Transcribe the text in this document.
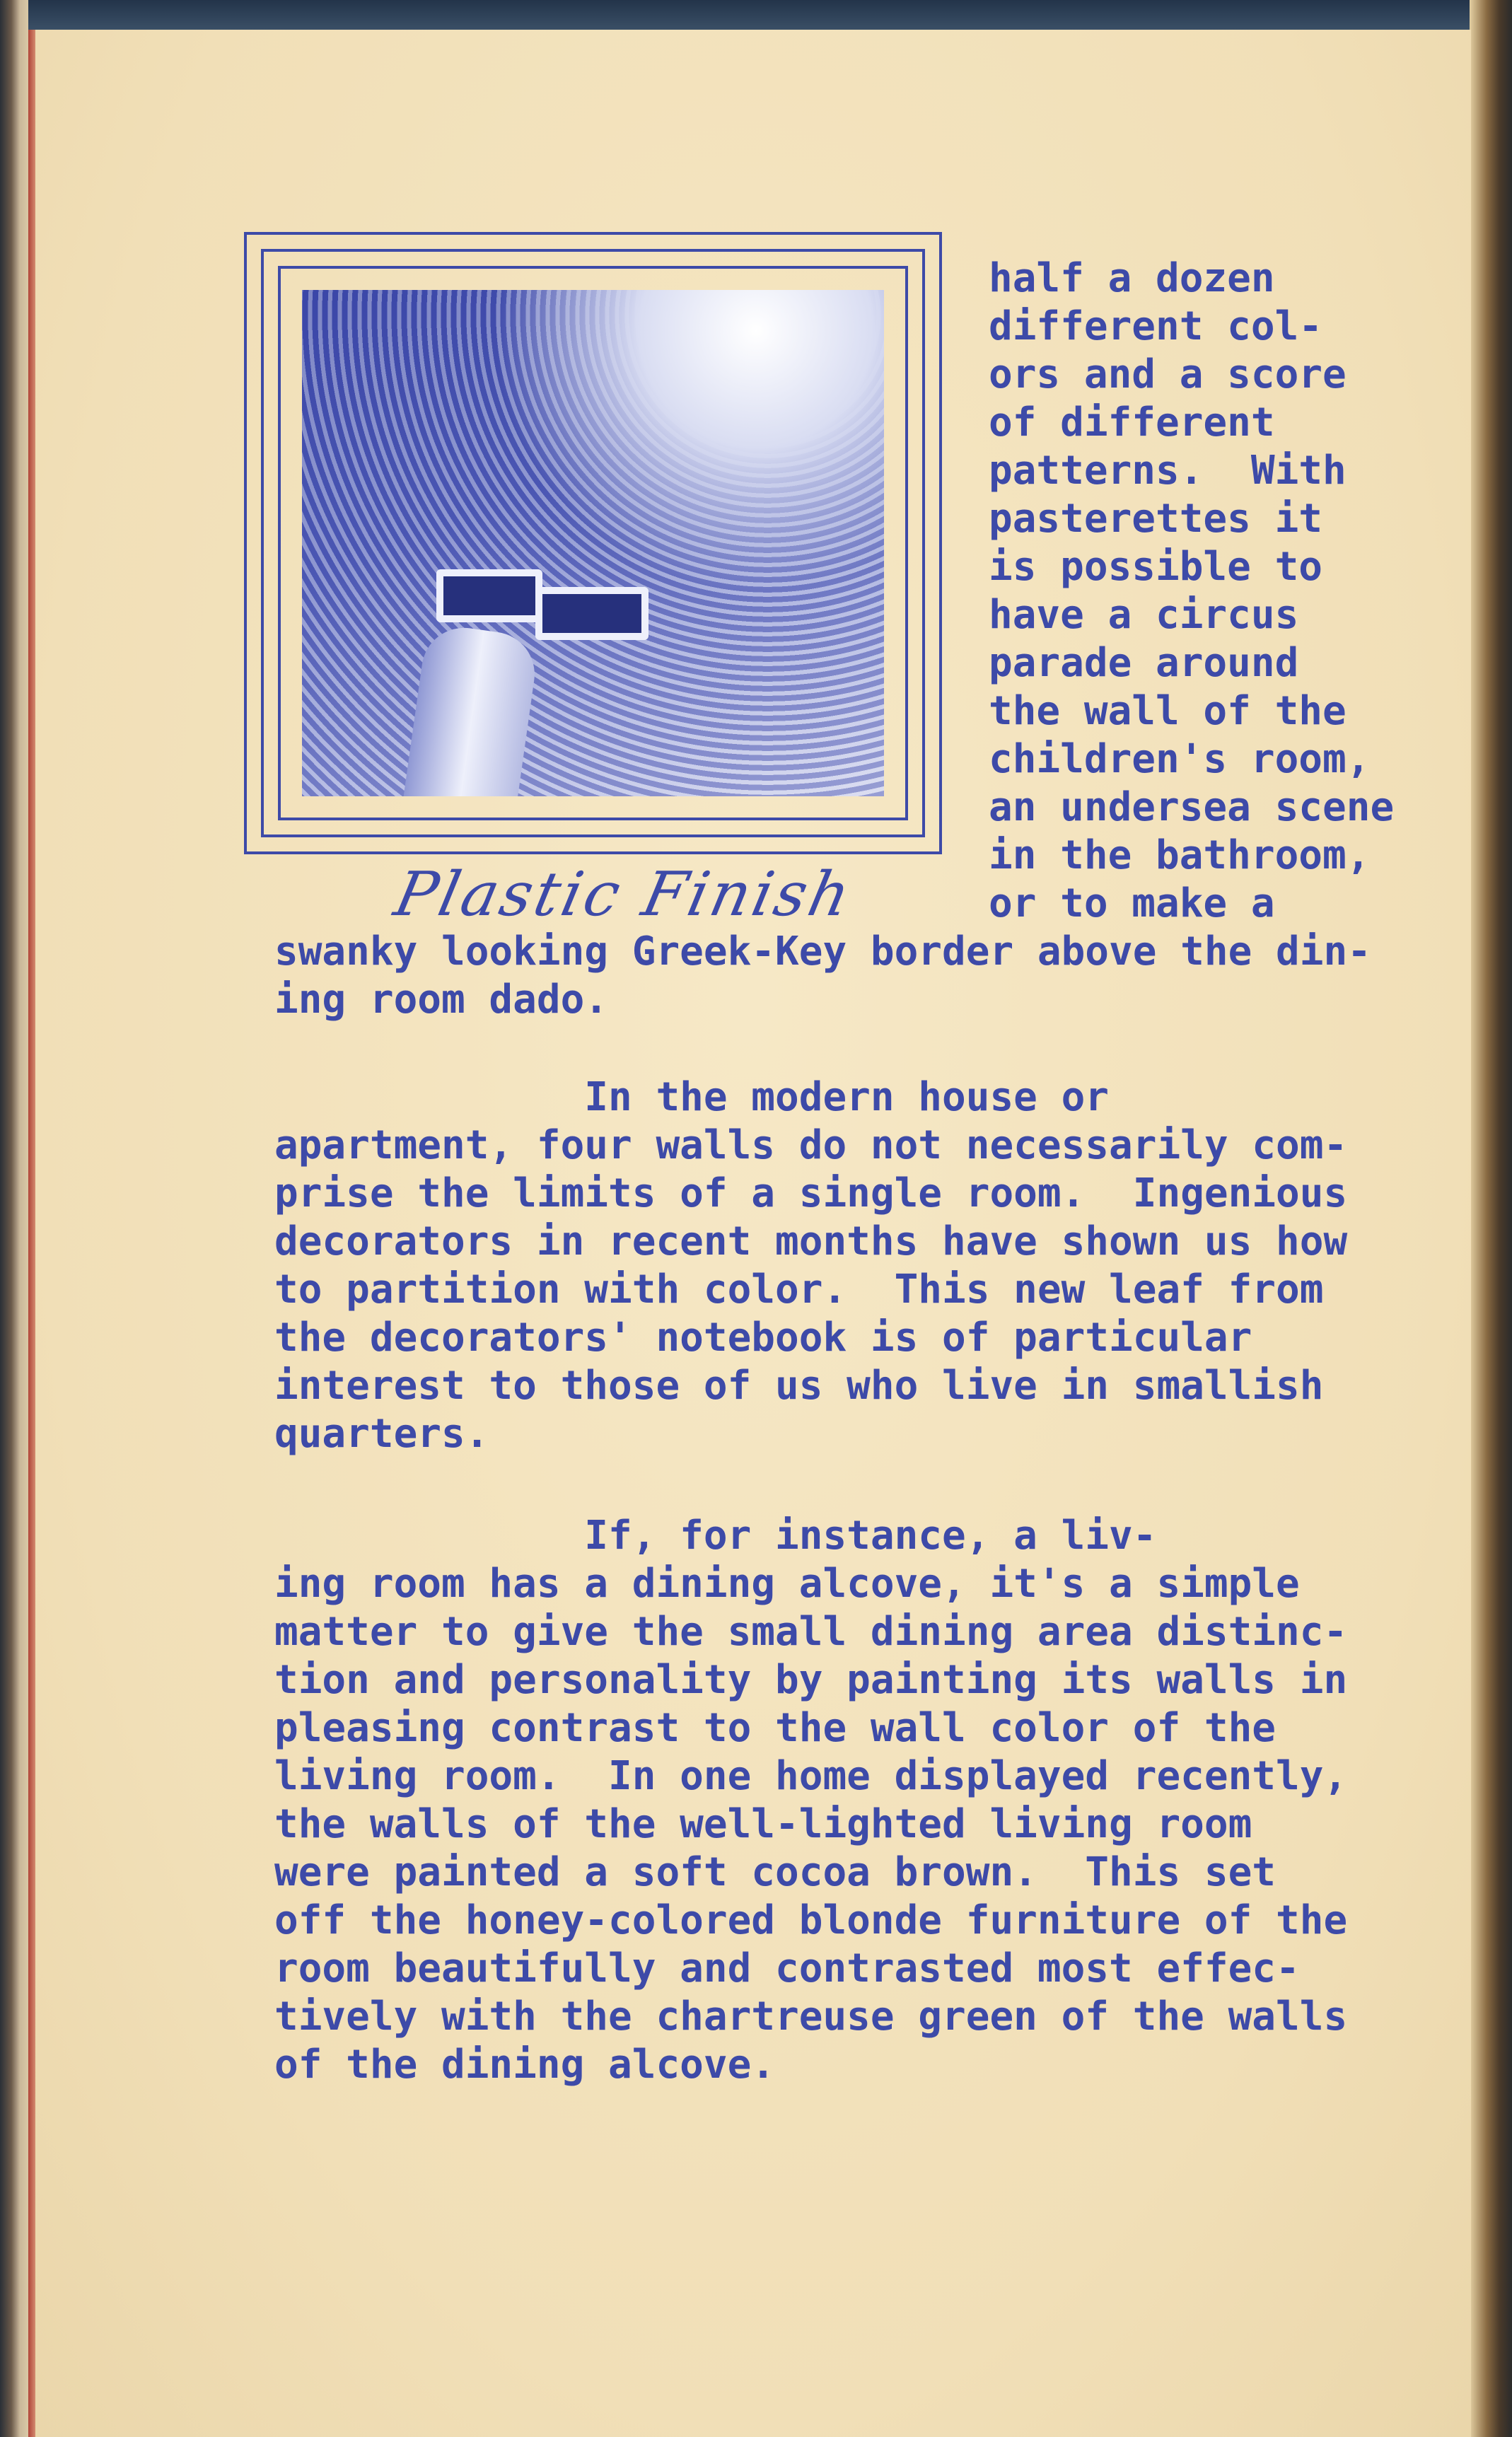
Plastic Finish
half a dozen
different col-
ors and a score
of different
patterns.  With
pasterettes it
is possible to
have a circus
parade around
the wall of the
children's room,
an undersea scene
in the bathroom,
or to make a
swanky looking Greek-Key border above the din-
ing room dado.
In the modern house or
apartment, four walls do not necessarily com-
prise the limits of a single room.  Ingenious
decorators in recent months have shown us how
to partition with color.  This new leaf from
the decorators' notebook is of particular
interest to those of us who live in smallish
quarters.
If, for instance, a liv-
ing room has a dining alcove, it's a simple
matter to give the small dining area distinc-
tion and personality by painting its walls in
pleasing contrast to the wall color of the
living room.  In one home displayed recently,
the walls of the well-lighted living room
were painted a soft cocoa brown.  This set
off the honey-colored blonde furniture of the
room beautifully and contrasted most effec-
tively with the chartreuse green of the walls
of the dining alcove.
